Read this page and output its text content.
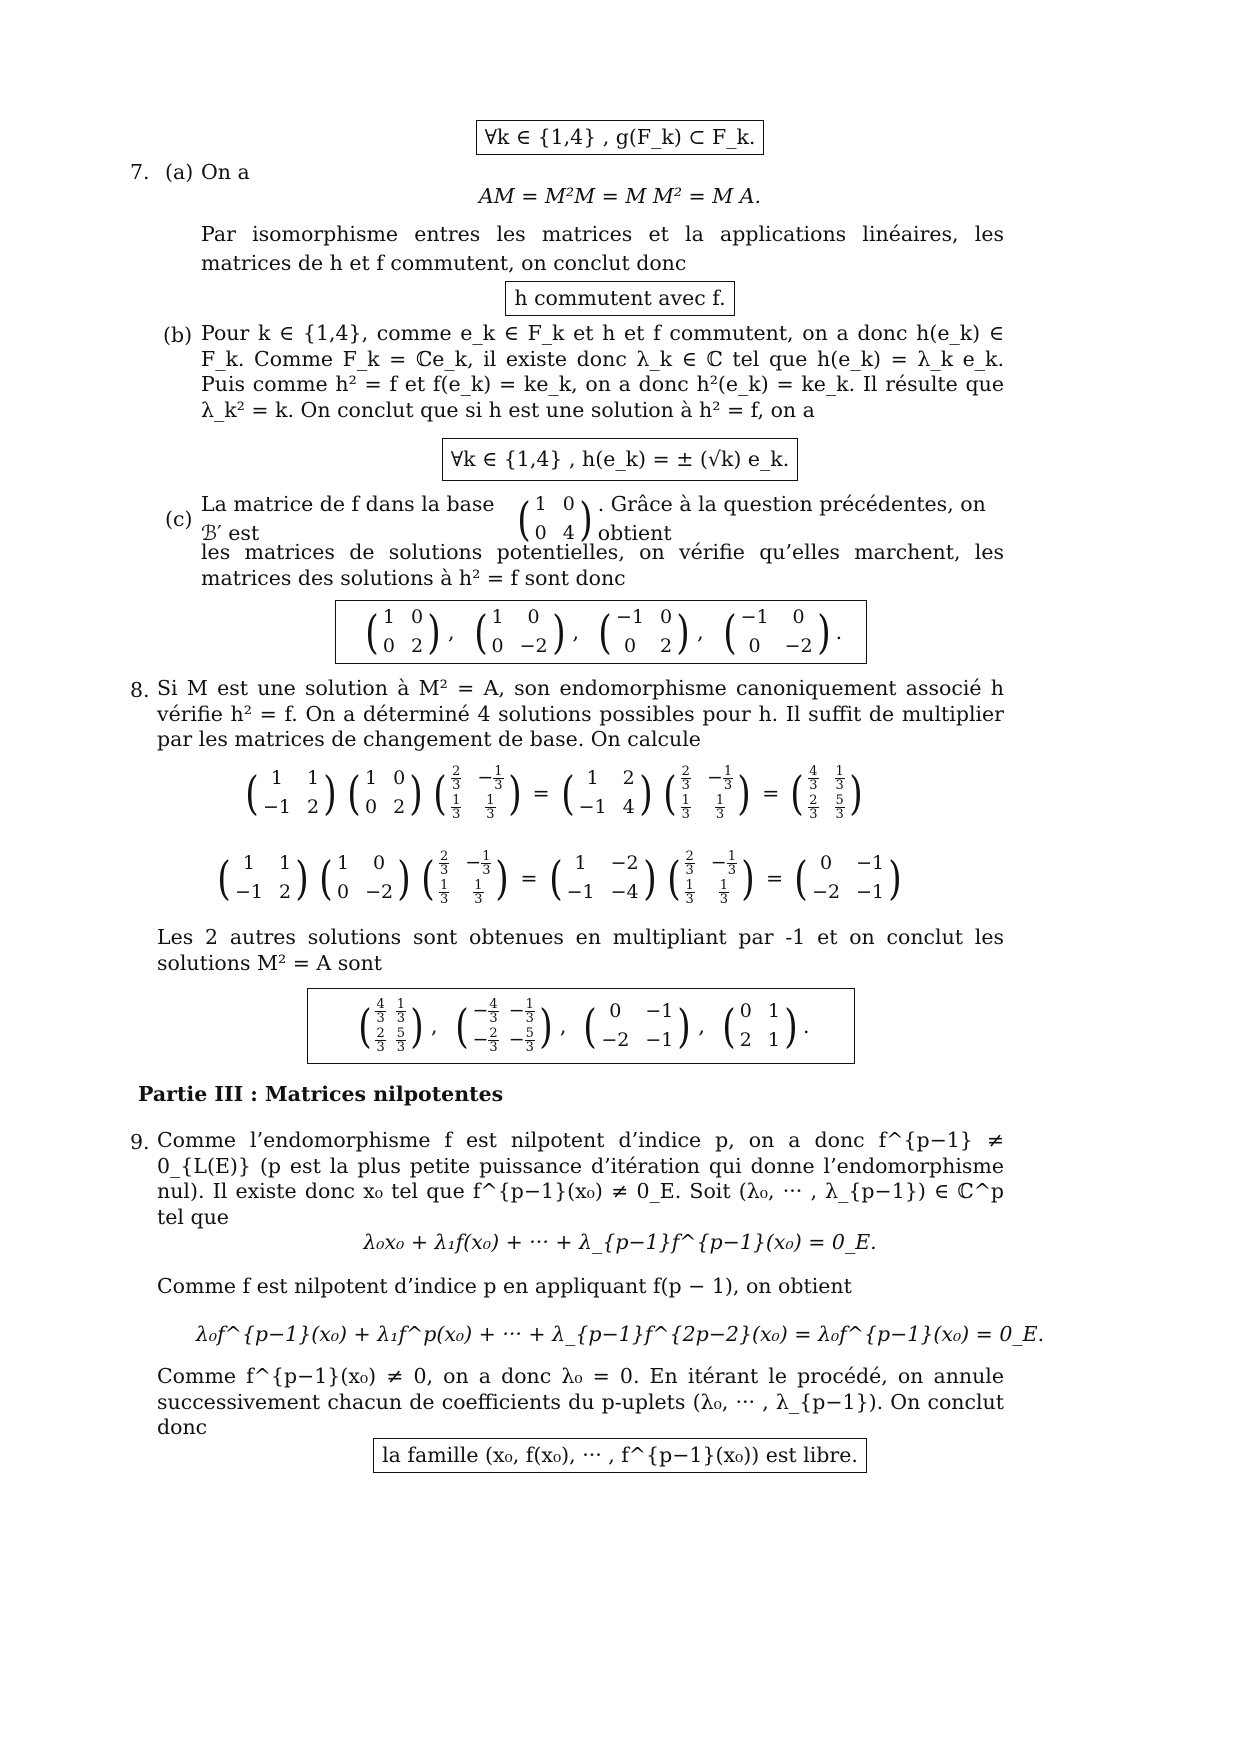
∀k ∈ {1,4} , g(F_k) ⊂ F_k.
7. (a) On a
AM = M²M = M M² = M A.
Par isomorphisme entres les matrices et la applications linéaires, les matrices de h et f commutent, on conclut donc
h commutent avec f.
(b) Pour k ∈ {1,4}, comme e_k ∈ F_k et h et f commutent, on a donc h(e_k) ∈ F_k. Comme F_k = ℂe_k, il existe donc λ_k ∈ ℂ tel que h(e_k) = λ_k e_k. Puis comme h² = f et f(e_k) = ke_k, on a donc h²(e_k) = ke_k. Il résulte que λ_k² = k. On conclut que si h est une solution à h² = f, on a
∀k ∈ {1,4} , h(e_k) = ± (√k) e_k.
(c)
La matrice de f dans la base ℬ′ est	( 1 0
0 4 ) . Grâce à la question précédentes, on obtient
les matrices de solutions potentielles, on vérifie qu’elles marchent, les matrices des solutions à h² = f sont donc
( 1 0
0 2 ) , ( 1	0
0 −2 ) , ( −1 0
0	2 ) , ( −1	0
0	−2 ) .
8. Si M est une solution à M² = A, son endomorphisme canoniquement associé h vérifie h² = f. On a déterminé 4 solutions possibles pour h. Il suffit de multiplier par les matrices de changement de base. On calcule
( 1	1
−1 2 ) ( 1 0
0 2 ) ( $\frac{2}{3} - \frac{1}{3}$
$\frac{1}{3} \frac{1}{3}$ ) = ( 1	2
−1 4 ) ( $\frac{2}{3} - \frac{1}{3}$
$\frac{1}{3} \frac{1}{3}$ ) = ( $\frac{4}{3} \frac{1}{3}$
$\frac{2}{3} \frac{5}{3}$ )
( 1	1
−1 2 ) ( 1	0
0 −2 ) ( $\frac{2}{3} - \frac{1}{3}$
$\frac{1}{3} \frac{1}{3}$ ) = ( 1	−2
−1 −4 ) ( $\frac{2}{3} - \frac{1}{3}$
$\frac{1}{3} \frac{1}{3}$ ) = ( 0	−1
−2 −1 )
Les 2 autres solutions sont obtenues en multipliant par -1 et on conclut les solutions M² = A sont
( $\frac{4}{3} \frac{1}{3}$
$\frac{2}{3} \frac{5}{3}$ ) , ( − $\frac{4}{3} - \frac{1}{3}$
− $\frac{2}{3} - \frac{5}{3}$ ) , ( 0	−1
−2 −1 ) , ( 0 1
2 1 ) .
Partie III : Matrices nilpotentes
9. Comme l’endomorphisme f est nilpotent d’indice p, on a donc f^{p−1} ≠ 0_{L(E)} (p est la plus petite puissance d’itération qui donne l’endomorphisme nul). Il existe donc x₀ tel que f^{p−1}(x₀) ≠ 0_E. Soit (λ₀, ··· , λ_{p−1}) ∈ ℂ^p tel que
λ₀x₀ + λ₁f(x₀) + ··· + λ_{p−1}f^{p−1}(x₀) = 0_E.
Comme f est nilpotent d’indice p en appliquant f(p − 1), on obtient
λ₀f^{p−1}(x₀) + λ₁f^p(x₀) + ··· + λ_{p−1}f^{2p−2}(x₀) = λ₀f^{p−1}(x₀) = 0_E.
Comme f^{p−1}(x₀) ≠ 0, on a donc λ₀ = 0. En itérant le procédé, on annule successivement chacun de coefficients du p-uplets (λ₀, ··· , λ_{p−1}). On conclut donc
la famille (x₀, f(x₀), ··· , f^{p−1}(x₀)) est libre.
